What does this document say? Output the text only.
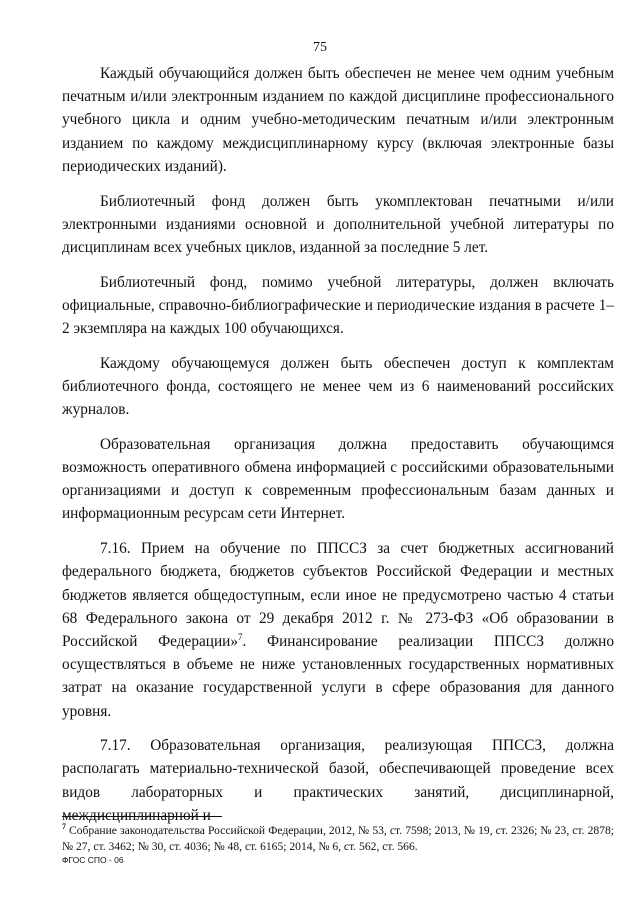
75

Каждый обучающийся должен быть обеспечен не менее чем одним учебным печатным и/или электронным изданием по каждой дисциплине профессионального учебного цикла и одним учебно-методическим печатным и/или электронным изданием по каждому междисциплинарному курсу (включая электронные базы периодических изданий).

Библиотечный фонд должен быть укомплектован печатными и/или электронными изданиями основной и дополнительной учебной литературы по дисциплинам всех учебных циклов, изданной за последние 5 лет.

Библиотечный фонд, помимо учебной литературы, должен включать официальные, справочно-библиографические и периодические издания в расчете 1–2 экземпляра на каждых 100 обучающихся.

Каждому обучающемуся должен быть обеспечен доступ к комплектам библиотечного фонда, состоящего не менее чем из 6 наименований российских журналов.

Образовательная организация должна предоставить обучающимся возможность оперативного обмена информацией с российскими образовательными организациями и доступ к современным профессиональным базам данных и информационным ресурсам сети Интернет.

7.16. Прием на обучение по ППССЗ за счет бюджетных ассигнований федерального бюджета, бюджетов субъектов Российской Федерации и местных бюджетов является общедоступным, если иное не предусмотрено частью 4 статьи 68 Федерального закона от 29 декабря 2012 г. № 273-ФЗ «Об образовании в Российской Федерации»$^7$. Финансирование реализации ППССЗ должно осуществляться в объеме не ниже установленных государственных нормативных затрат на оказание государственной услуги в сфере образования для данного уровня.

7.17. Образовательная организация, реализующая ППССЗ, должна располагать материально-технической базой, обеспечивающей проведение всех видов лабораторных и практических занятий, дисциплинарной, междисциплинарной и

$^7$ Собрание законодательства Российской Федерации, 2012, № 53, ст. 7598; 2013, № 19, ст. 2326; № 23, ст. 2878; № 27, ст. 3462; № 30, ст. 4036; № 48, ст. 6165; 2014, № 6, ст. 562, ст. 566.

ФГОС СПО - 06
